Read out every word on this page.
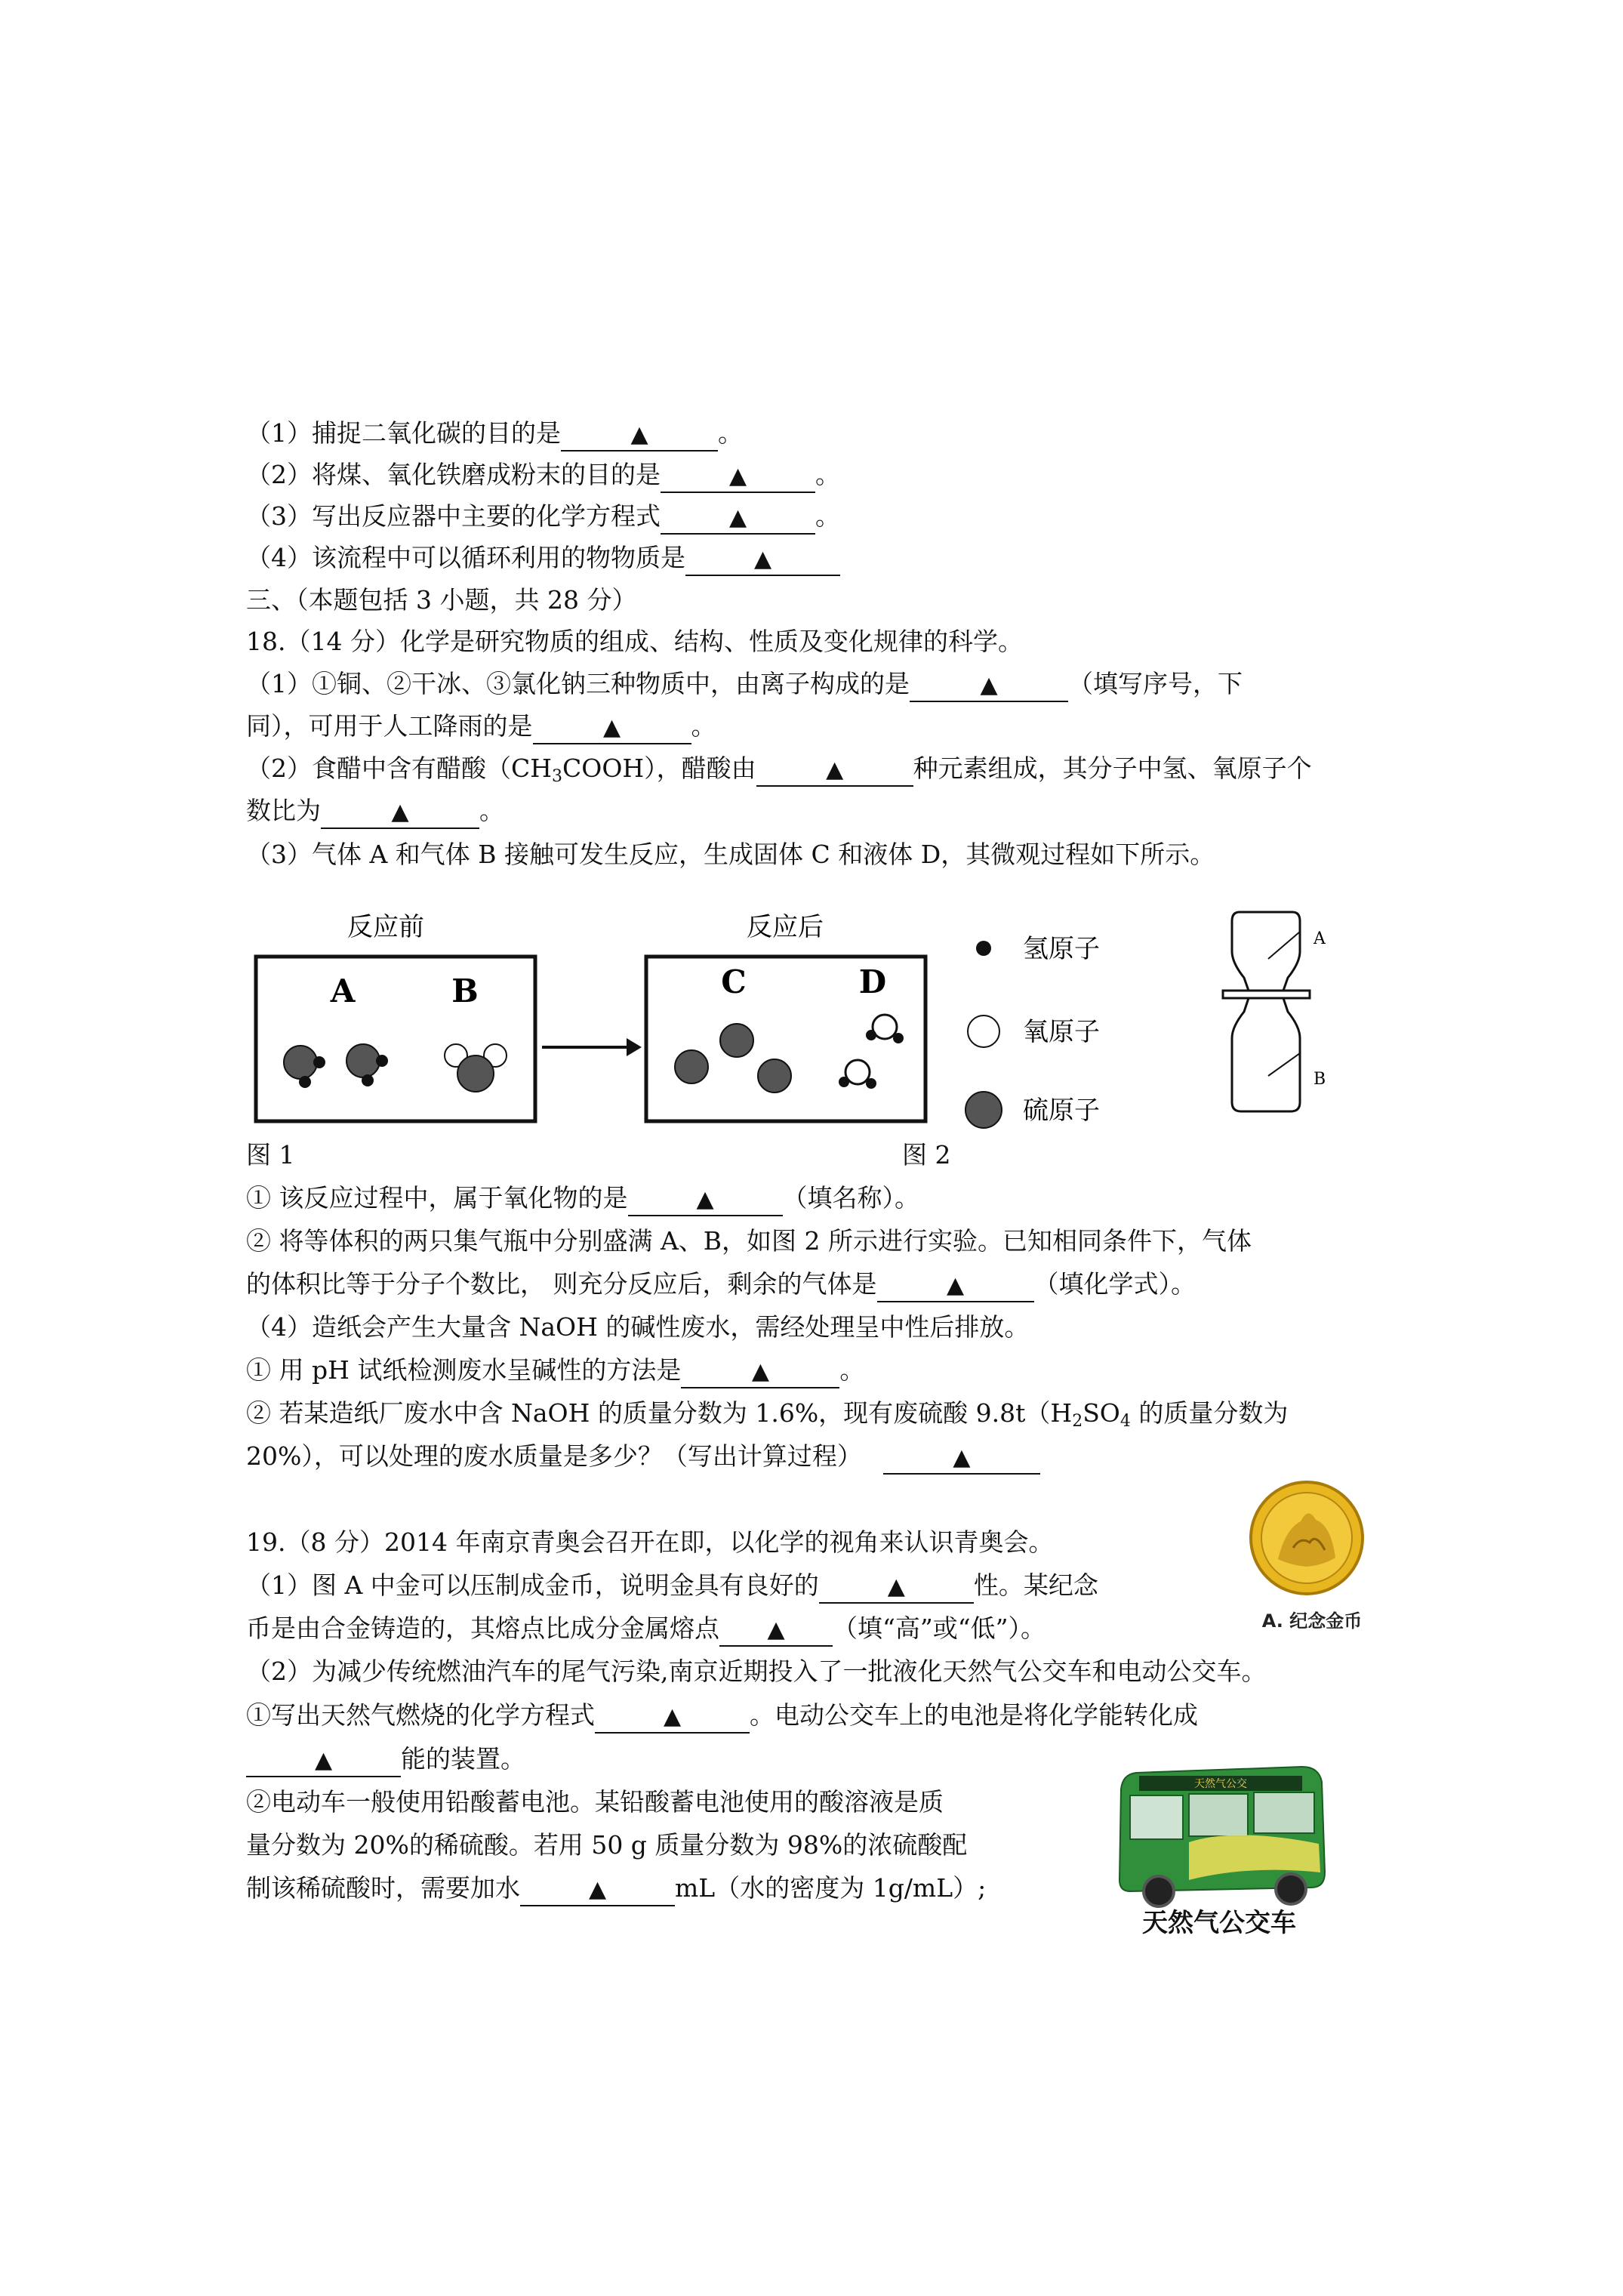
（1）捕捉二氧化碳的目的是	▲	。
（2）将煤、氧化铁磨成粉末的目的是	▲	。
（3）写出反应器中主要的化学方程式	▲	。
（4）该流程中可以循环利用的物物质是	▲
三、（本题包括 3 小题，共 28 分）
18.（14 分）化学是研究物质的组成、结构、性质及变化规律的科学。
（1）①铜、②干冰、③氯化钠三种物质中，由离子构成的是	▲	（填写序号，下
同），可用于人工降雨的是	▲	。
（2）食醋中含有醋酸$(CH_3COOH)$，醋酸由	▲	种元素组成，其分子中氢、氧原子个
数比为	▲	。
（3）气体 A 和气体 B 接触可发生反应，生成固体 C 和液体 D，其微观过程如下所示。
反应前	反应后
A	B	C	D
氢原子
氧原子
硫原子
A
B
图 1	图 2
① 该反应过程中，属于氧化物的是	▲	（填名称）。
② 将等体积的两只集气瓶中分别盛满 A、B，如图 2 所示进行实验。已知相同条件下，气体
的体积比等于分子个数比， 则充分反应后，剩余的气体是	▲	（填化学式）。
（4）造纸会产生大量含 NaOH 的碱性废水，需经处理呈中性后排放。
① 用 pH 试纸检测废水呈碱性的方法是	▲	。
② 若某造纸厂废水中含 NaOH 的质量分数为 1.6%，现有废硫酸 $9.8t(H_2SO_4$ 的质量分数为
20%），可以处理的废水质量是多少？（写出计算过程）	▲
19.（8 分）2014 年南京青奥会召开在即，以化学的视角来认识青奥会。
A. 纪念金币
（1）图 A 中金可以压制成金币，说明金具有良好的	▲	性。某纪念
币是由合金铸造的，其熔点比成分金属熔点 ▲ （填“高”或“低”）。
（2）为减少传统燃油汽车的尾气污染,南京近期投入了一批液化天然气公交车和电动公交车。
①写出天然气燃烧的化学方程式	▲	。电动公交车上的电池是将化学能转化成
▲	能的装置。
②电动车一般使用铅酸蓄电池。某铅酸蓄电池使用的酸溶液是质
量分数为 20%的稀硫酸。若用 50 g 质量分数为 98%的浓硫酸配
制该稀硫酸时，需要加水	▲	mL（水的密度为 1g/mL）;
天然气公交
天然气公交车
